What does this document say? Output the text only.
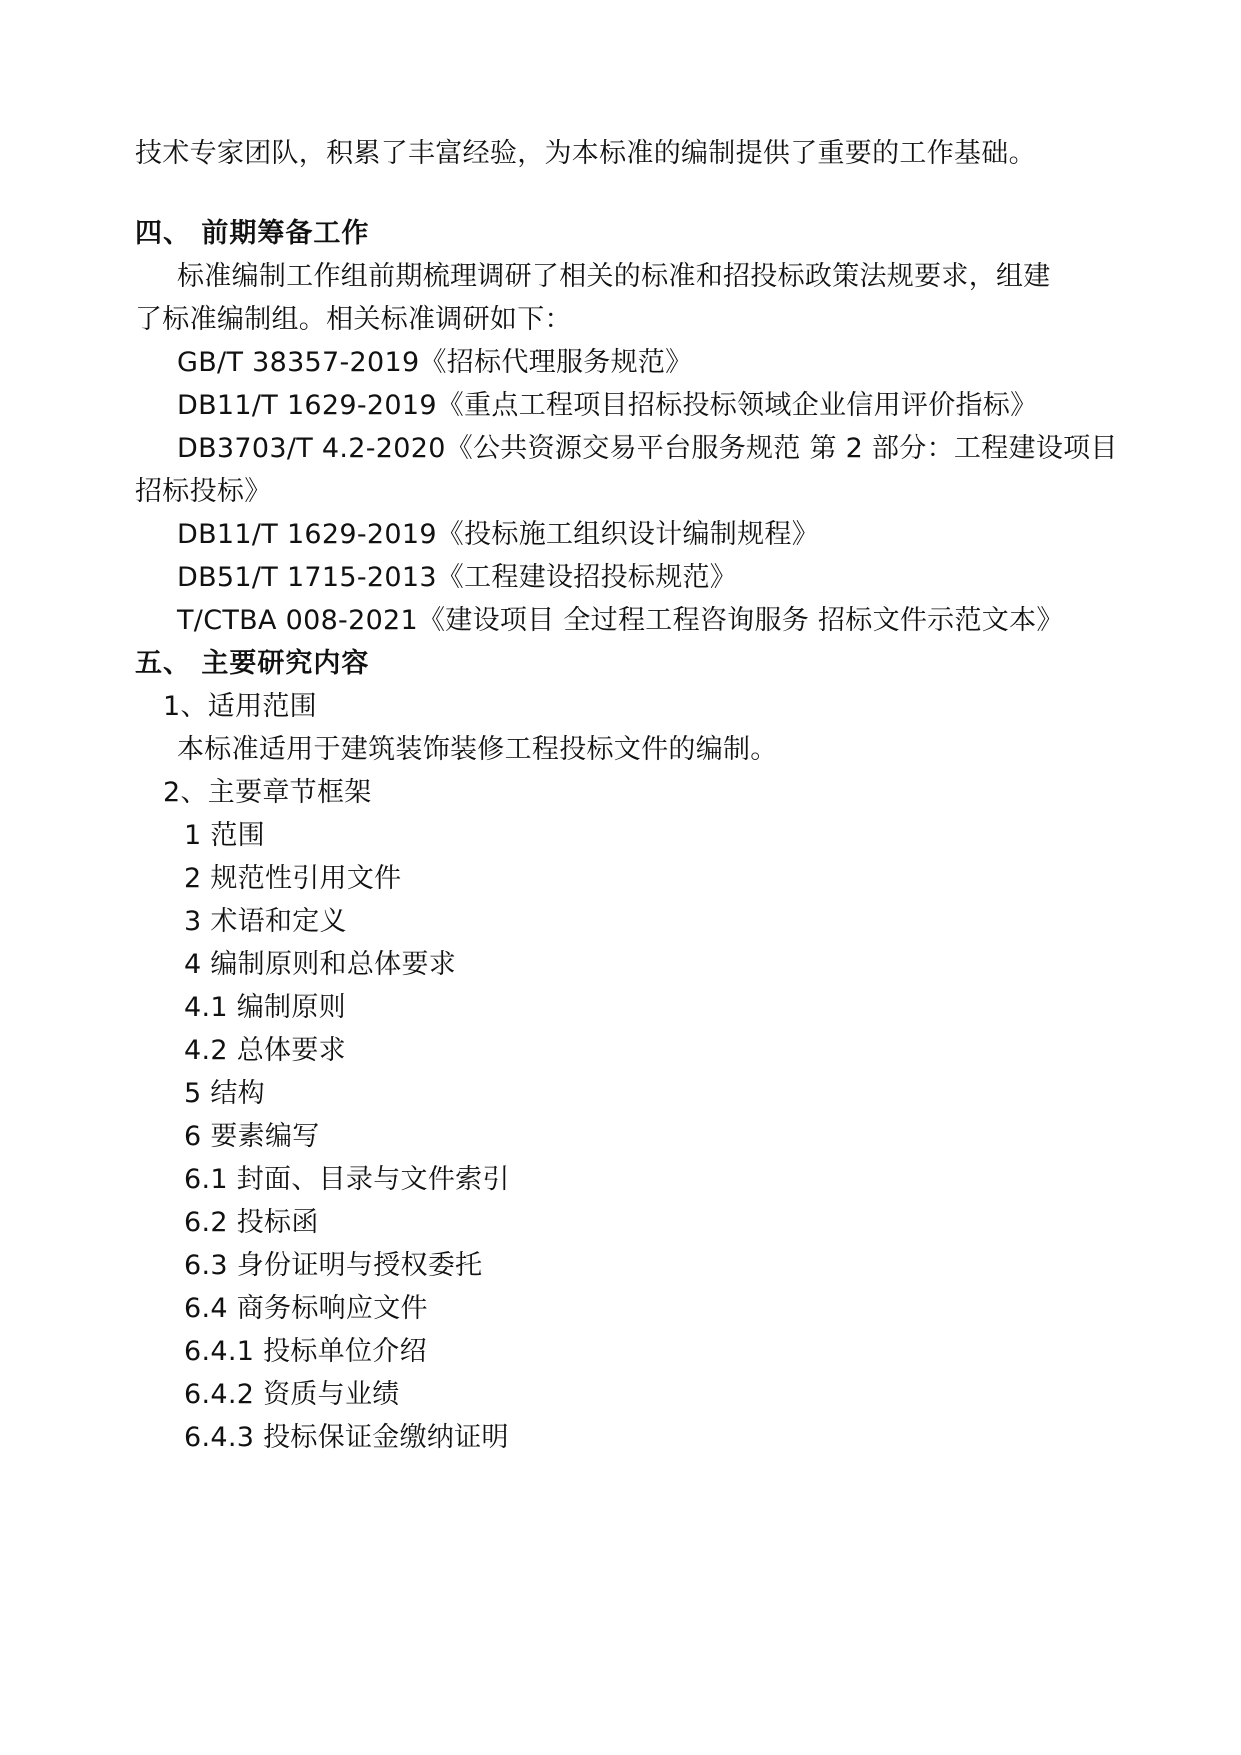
技术专家团队，积累了丰富经验，为本标准的编制提供了重要的工作基础。
四、 前期筹备工作
标准编制工作组前期梳理调研了相关的标准和招投标政策法规要求，组建
了标准编制组。相关标准调研如下：
GB/T 38357-2019《招标代理服务规范》
DB11/T 1629-2019《重点工程项目招标投标领域企业信用评价指标》
DB3703/T 4.2-2020《公共资源交易平台服务规范 第 2 部分：工程建设项目
招标投标》
DB11/T 1629-2019《投标施工组织设计编制规程》
DB51/T 1715-2013《工程建设招投标规范》
T/CTBA 008-2021《建设项目 全过程工程咨询服务 招标文件示范文本》
五、 主要研究内容
1、适用范围
本标准适用于建筑装饰装修工程投标文件的编制。
2、主要章节框架
1 范围
2 规范性引用文件
3 术语和定义
4 编制原则和总体要求
4.1 编制原则
4.2 总体要求
5 结构
6 要素编写
6.1 封面、目录与文件索引
6.2 投标函
6.3 身份证明与授权委托
6.4 商务标响应文件
6.4.1 投标单位介绍
6.4.2 资质与业绩
6.4.3 投标保证金缴纳证明
